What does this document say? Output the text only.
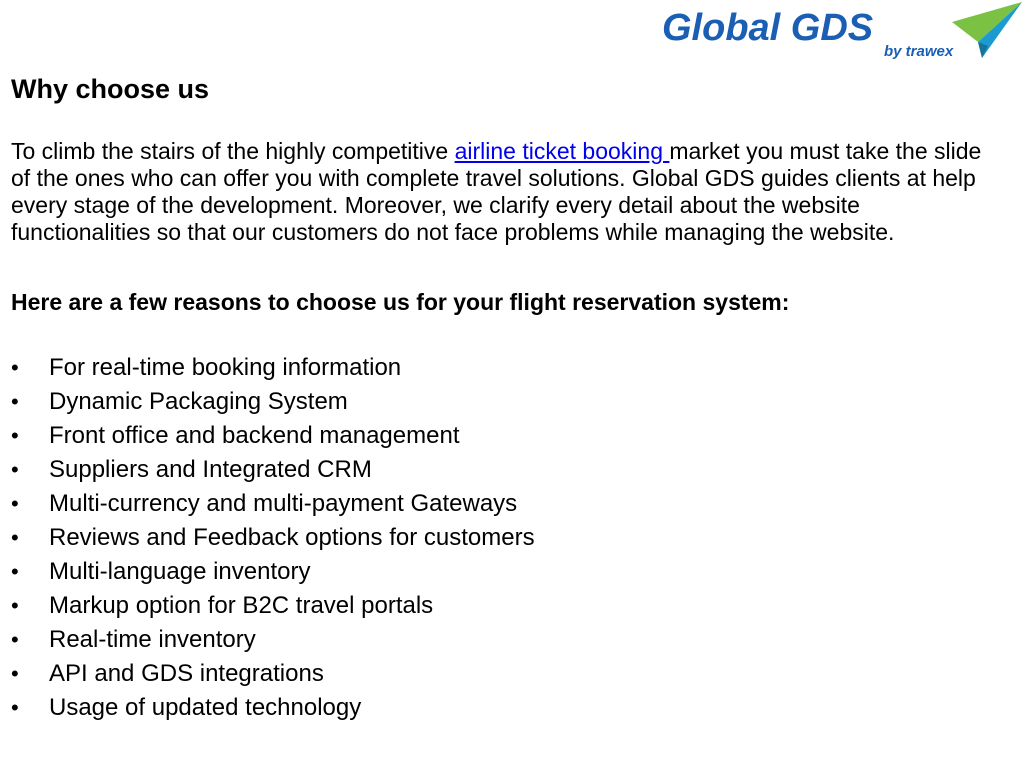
Global GDS
by trawex
Why choose us

To climb the stairs of the highly competitive airline ticket booking market you must take the slide of the ones who can offer you with complete travel solutions. Global GDS guides clients at help every stage of the development. Moreover, we clarify every detail about the website functionalities so that our customers do not face problems while managing the website.

Here are a few reasons to choose us for your flight reservation system:

•	For real-time booking information
•	Dynamic Packaging System
•	Front office and backend management
•	Suppliers and Integrated CRM
•	Multi-currency and multi-payment Gateways
•	Reviews and Feedback options for customers
•	Multi-language inventory
•	Markup option for B2C travel portals
•	Real-time inventory
•	API and GDS integrations
•	Usage of updated technology
